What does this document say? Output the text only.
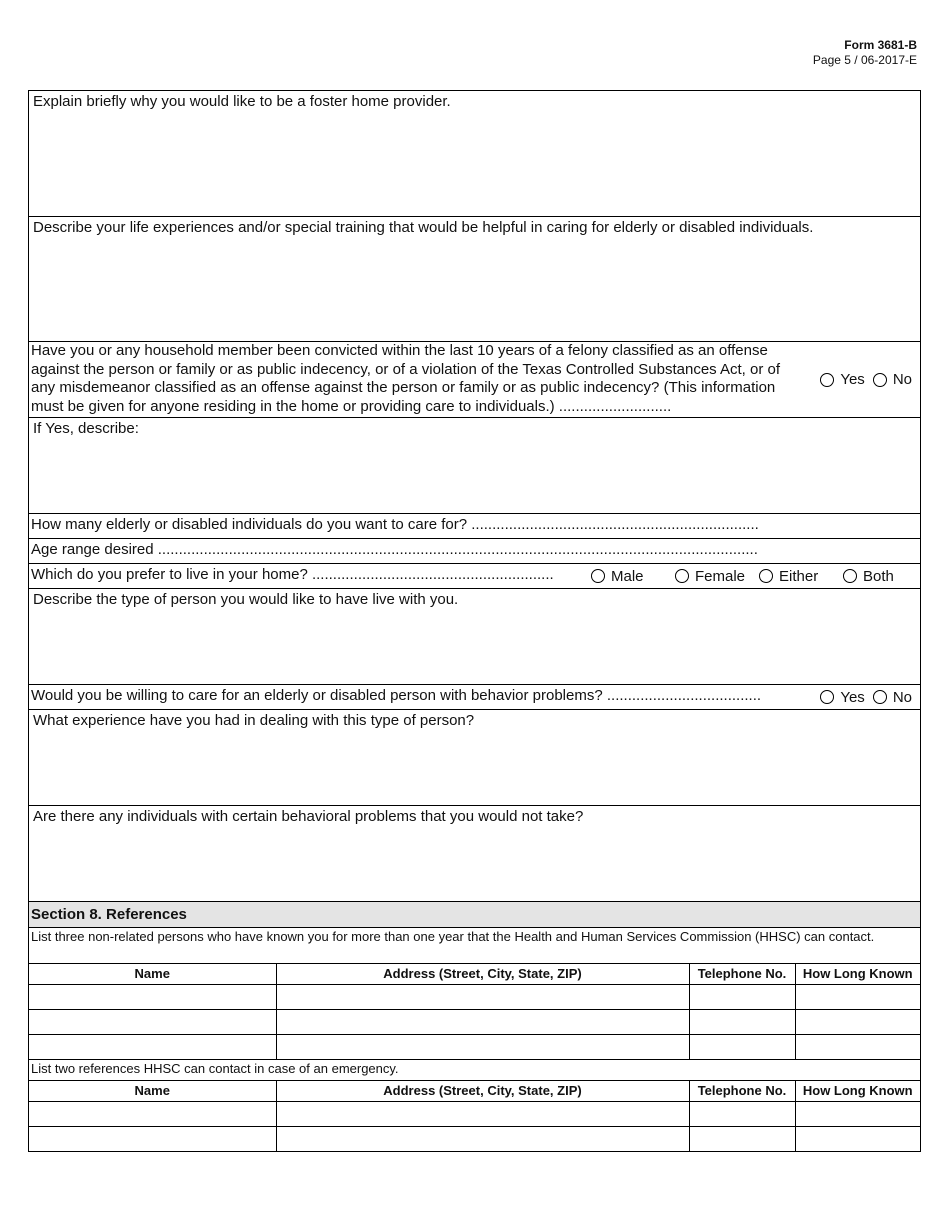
Form 3681-B
Page 5 / 06-2017-E
Explain briefly why you would like to be a foster home provider.
Describe your life experiences and/or special training that would be helpful in caring for elderly or disabled individuals.
Have you or any household member been convicted within the last 10 years of a felony classified as an offense against the person or family or as public indecency, or of a violation of the Texas Controlled Substances Act, or of any misdemeanor classified as an offense against the person or family or as public indecency? (This information must be given for anyone residing in the home or providing care to individuals.) ...........................
Yes No
If Yes, describe:
How many elderly or disabled individuals do you want to care for? .....................................................................
Age range desired ................................................................................................................................................
Which do you prefer to live in your home? ..........................................................	Male	Female Either	Both
Describe the type of person you would like to have live with you.
Would you be willing to care for an elderly or disabled person with behavior problems? .....................................	Yes No
What experience have you had in dealing with this type of person?
Are there any individuals with certain behavioral problems that you would not take?
Section 8. References
List three non-related persons who have known you for more than one year that the Health and Human Services Commission (HHSC) can contact.
Name	Address (Street, City, State, ZIP)	Telephone No.	How Long Known

List two references HHSC can contact in case of an emergency.
Name	Address (Street, City, State, ZIP)	Telephone No.	How Long Known
